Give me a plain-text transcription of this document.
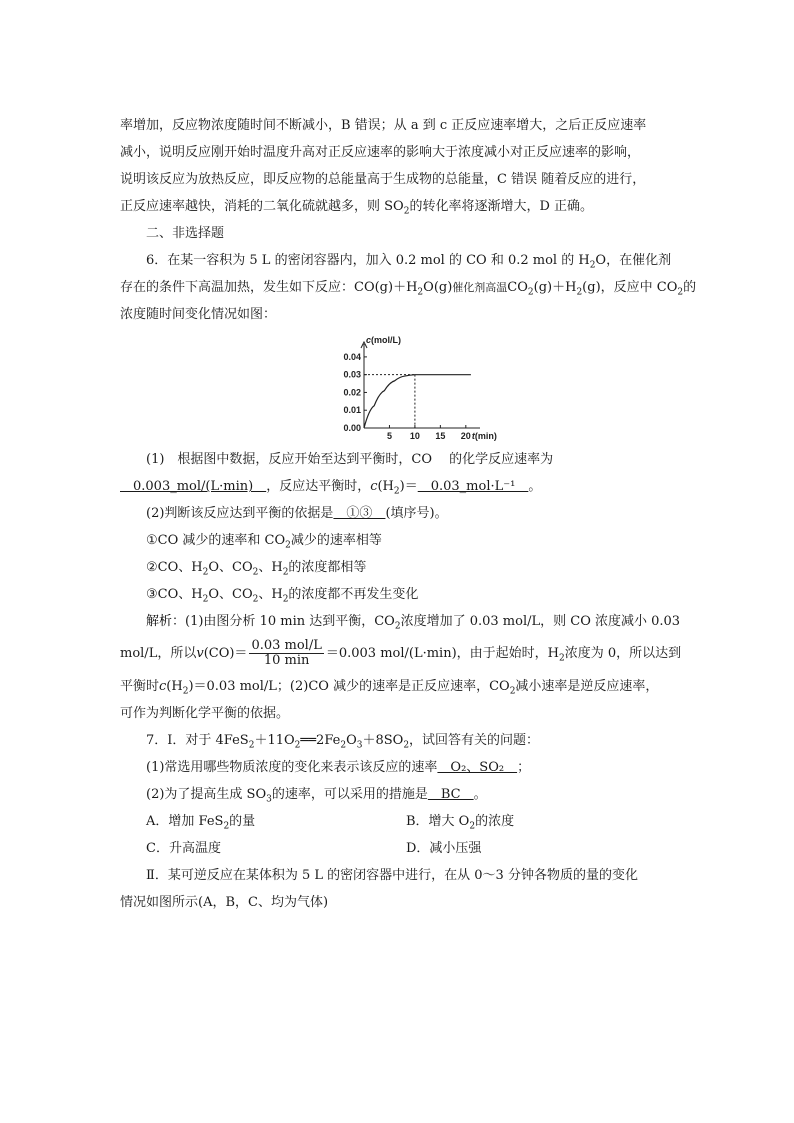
率增加，反应物浓度随时间不断减小，B 错误；从 a 到 c 正反应速率增大，之后正反应速率
减小，说明反应刚开始时温度升高对正反应速率的影响大于浓度减小对正反应速率的影响，
说明该反应为放热反应，即反应物的总能量高于生成物的总能量，C 错误 随着反应的进行，
正反应速率越快，消耗的二氧化硫就越多，则 $SO_2$的转化率将逐渐增大，D 正确。
二、非选择题
6．在某一容积为 5 L 的密闭容器内，加入 0.2 mol 的 CO 和 0.2 mol 的 $H_2O$，在催化剂
存在的条件下高温加热，发生如下反应：$CO(g)+H_2O(g)$催化剂高温$CO_2(g)+H_2(g)$，反应中 $CO_2$的
浓度随时间变化情况如图：
0.00
0.01
0.02
0.03
0.04
5 10 15 20
c(mol/L)
t(min)
(1)　根据图中数据，反应开始至达到平衡时，CO　 的化学反应速率为
　0.003_mol/(L·min)　，反应达平衡时，$c(H_2)=$　0.03_mol·L⁻¹　。
(2)判断该反应达到平衡的依据是　①③　(填序号)。
①CO 减少的速率和 $CO_2$减少的速率相等
②CO、$H_2O$、$CO_2$、$H_2$的浓度都相等
③CO、$H_2O$、$CO_2$、$H_2$的浓度都不再发生变化
解析：(1)由图分析 10 min 达到平衡，$CO_2$浓度增加了 0.03 mol/L，则 CO 浓度减小 0.03
mol/L，所以$v(CO)= \frac{\text{0.03 mol/L}}{10 \min} =0.003$ mol/(L·min)，由于起始时，$H_2$浓度为 0，所以达到
平衡时$c(H_2)=0.03$ mol/L；(2)CO 减少的速率是正反应速率，$CO_2$减小速率是逆反应速率，
可作为判断化学平衡的依据。
7．Ⅰ．对于 $4FeS_2+11O_2══2Fe_2O_3+8SO_2$，试回答有关的问题：
(1)常选用哪些物质浓度的变化来表示该反应的速率　O₂、SO₂　；
(2)为了提高生成 $SO_3$的速率，可以采用的措施是　BC　。
A．增加 FeS$_2$的量	B．增大 $O_2$的浓度
C．升高温度	D．减小压强
Ⅱ．某可逆反应在某体积为 5 L 的密闭容器中进行，在从 0～3 分钟各物质的量的变化
情况如图所示(A，B，C、均为气体)
